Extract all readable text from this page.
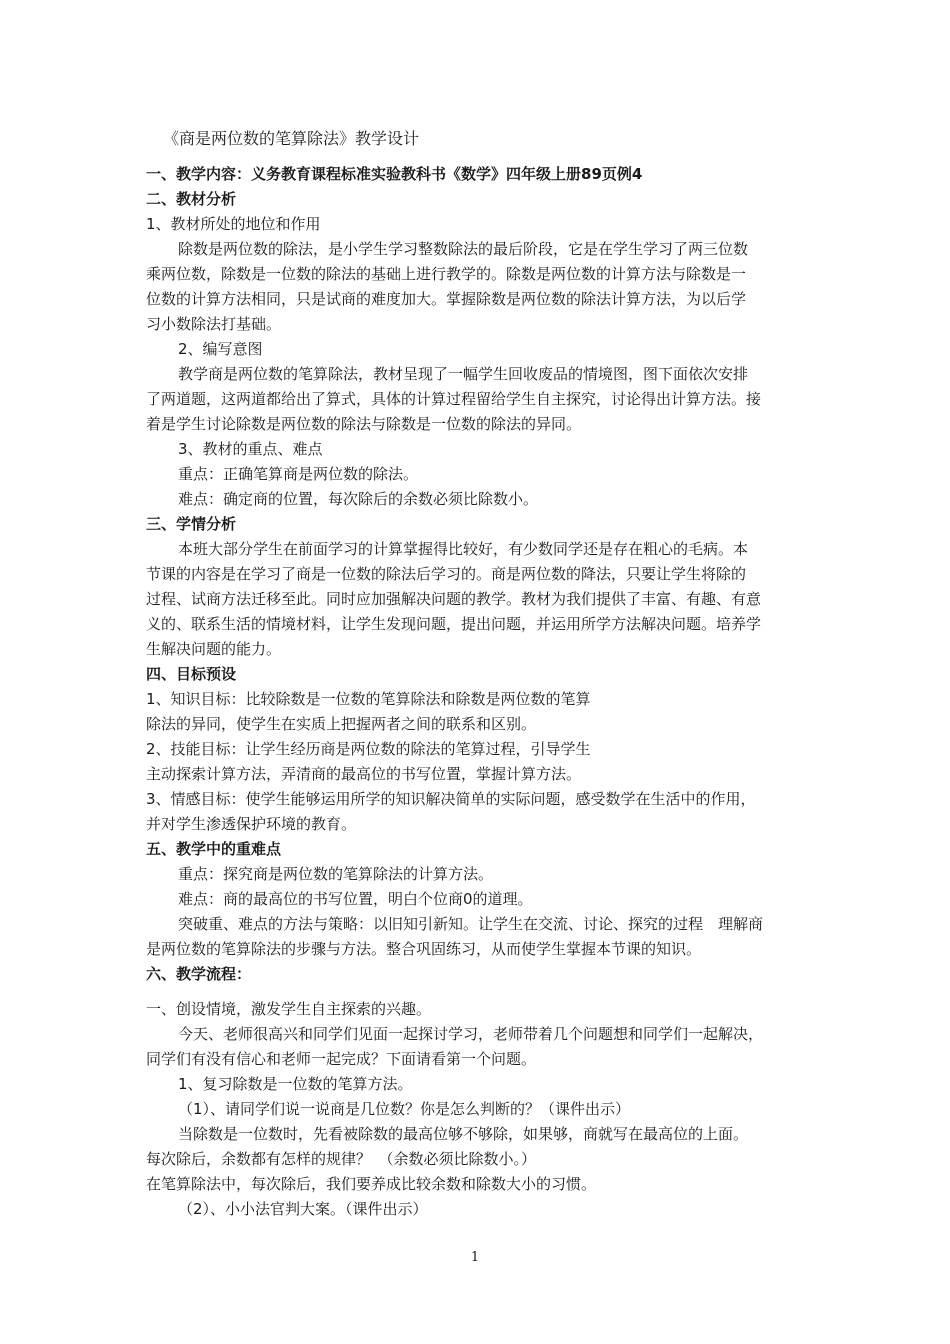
《商是两位数的笔算除法》教学设计
一、教学内容：义务教育课程标准实验教科书《数学》四年级上册89页例4
二、教材分析
1、教材所处的地位和作用
除数是两位数的除法，是小学生学习整数除法的最后阶段，它是在学生学习了两三位数
乘两位数，除数是一位数的除法的基础上进行教学的。除数是两位数的计算方法与除数是一
位数的计算方法相同，只是试商的难度加大。掌握除数是两位数的除法计算方法，为以后学
习小数除法打基础。
2、编写意图
教学商是两位数的笔算除法，教材呈现了一幅学生回收废品的情境图，图下面依次安排
了两道题，这两道都给出了算式，具体的计算过程留给学生自主探究，讨论得出计算方法。接
着是学生讨论除数是两位数的除法与除数是一位数的除法的异同。
3、教材的重点、难点
重点：正确笔算商是两位数的除法。
难点：确定商的位置，每次除后的余数必须比除数小。
三、学情分析
本班大部分学生在前面学习的计算掌握得比较好，有少数同学还是存在粗心的毛病。本
节课的内容是在学习了商是一位数的除法后学习的。商是两位数的降法，只要让学生将除的
过程、试商方法迁移至此。同时应加强解决问题的教学。教材为我们提供了丰富、有趣、有意
义的、联系生活的情境材料，让学生发现问题，提出问题，并运用所学方法解决问题。培养学
生解决问题的能力。
四、目标预设
1、知识目标：比较除数是一位数的笔算除法和除数是两位数的笔算
除法的异同，使学生在实质上把握两者之间的联系和区别。
2、技能目标：让学生经历商是两位数的除法的笔算过程，引导学生
主动探索计算方法，弄清商的最高位的书写位置，掌握计算方法。
3、情感目标：使学生能够运用所学的知识解决简单的实际问题，感受数学在生活中的作用，
并对学生渗透保护环境的教育。
五、教学中的重难点
重点：探究商是两位数的笔算除法的计算方法。
难点：商的最高位的书写位置，明白个位商0的道理。
突破重、难点的方法与策略：以旧知引新知。让学生在交流、讨论、探究的过程　理解商
是两位数的笔算除法的步骤与方法。整合巩固练习，从而使学生掌握本节课的知识。
六、教学流程：
一、创设情境，激发学生自主探索的兴趣。
今天、老师很高兴和同学们见面一起探讨学习，老师带着几个问题想和同学们一起解决，
同学们有没有信心和老师一起完成？下面请看第一个问题。
1、复习除数是一位数的笔算方法。
（1）、请同学们说一说商是几位数？你是怎么判断的？（课件出示）
当除数是一位数时，先看被除数的最高位够不够除，如果够，商就写在最高位的上面。
每次除后，余数都有怎样的规律？　（余数必须比除数小。）
在笔算除法中，每次除后，我们要养成比较余数和除数大小的习惯。
（2）、小小法官判大案。（课件出示）
1
